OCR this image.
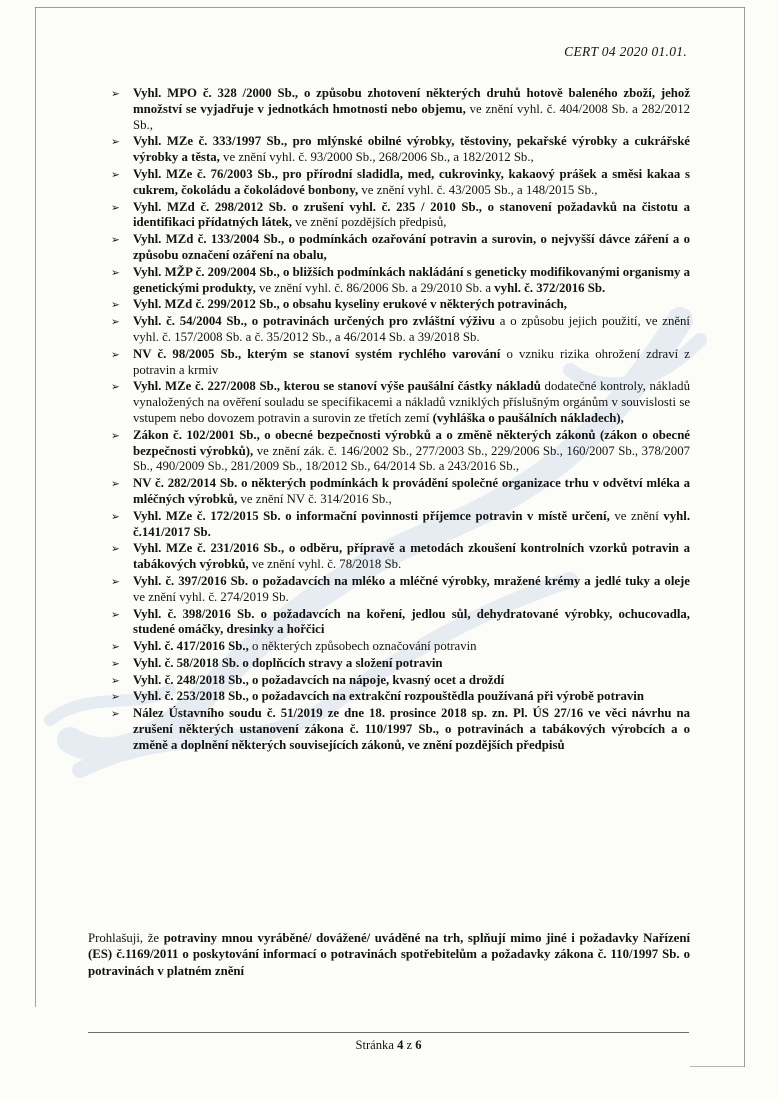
CERT 04 2020 01.01.
➢ Vyhl. MPO č. 328 /2000 Sb., o způsobu zhotovení některých druhů hotově baleného zboží, jehož množství se vyjadřuje v jednotkách hmotnosti nebo objemu, ve znění vyhl. č. 404/2008 Sb. a 282/2012 Sb.,
➢ Vyhl. MZe č. 333/1997 Sb., pro mlýnské obilné výrobky, těstoviny, pekařské výrobky a cukrářské výrobky a těsta, ve znění vyhl. č. 93/2000 Sb., 268/2006 Sb., a 182/2012 Sb.,
➢ Vyhl. MZe č. 76/2003 Sb., pro přírodní sladidla, med, cukrovinky, kakaový prášek a směsi kakaa s cukrem, čokoládu a čokoládové bonbony, ve znění vyhl. č. 43/2005 Sb., a 148/2015 Sb.,
➢ Vyhl. MZd č. 298/2012 Sb. o zrušení vyhl. č. 235 / 2010 Sb., o stanovení požadavků na čistotu a identifikaci přídatných látek, ve znění pozdějších předpisů,
➢ Vyhl. MZd č. 133/2004 Sb., o podmínkách ozařování potravin a surovin, o nejvyšší dávce záření a o způsobu označení ozáření na obalu,
➢ Vyhl. MŽP č. 209/2004 Sb., o bližších podmínkách nakládání s geneticky modifikovanými organismy a genetickými produkty, ve znění vyhl. č. 86/2006 Sb. a 29/2010 Sb. a vyhl. č. 372/2016 Sb.
➢ Vyhl. MZd č. 299/2012 Sb., o obsahu kyseliny erukové v některých potravinách,
➢ Vyhl. č. 54/2004 Sb., o potravinách určených pro zvláštní výživu a o způsobu jejich použití, ve znění vyhl. č. 157/2008 Sb. a č. 35/2012 Sb., a 46/2014 Sb. a 39/2018 Sb.
➢ NV č. 98/2005 Sb., kterým se stanoví systém rychlého varování o vzniku rizika ohrožení zdraví z potravin a krmiv
➢ Vyhl. MZe č. 227/2008 Sb., kterou se stanoví výše paušální částky nákladů dodatečné kontroly, nákladů vynaložených na ověření souladu se specifikacemi a nákladů vzniklých příslušným orgánům v souvislosti se vstupem nebo dovozem potravin a surovin ze třetích zemí (vyhláška o paušálních nákladech),
➢ Zákon č. 102/2001 Sb., o obecné bezpečnosti výrobků a o změně některých zákonů (zákon o obecné bezpečnosti výrobků), ve znění zák. č. 146/2002 Sb., 277/2003 Sb., 229/2006 Sb., 160/2007 Sb., 378/2007 Sb., 490/2009 Sb., 281/2009 Sb., 18/2012 Sb., 64/2014 Sb. a 243/2016 Sb.,
➢ NV č. 282/2014 Sb. o některých podmínkách k provádění společné organizace trhu v odvětví mléka a mléčných výrobků, ve znění NV č. 314/2016 Sb.,
➢ Vyhl. MZe č. 172/2015 Sb. o informační povinnosti příjemce potravin v místě určení, ve znění vyhl. č.141/2017 Sb.
➢ Vyhl. MZe č. 231/2016 Sb., o odběru, přípravě a metodách zkoušení kontrolních vzorků potravin a tabákových výrobků, ve znění vyhl. č. 78/2018 Sb.
➢ Vyhl. č. 397/2016 Sb. o požadavcích na mléko a mléčné výrobky, mražené krémy a jedlé tuky a oleje ve znění vyhl. č. 274/2019 Sb.
➢ Vyhl. č. 398/2016 Sb. o požadavcích na koření, jedlou sůl, dehydratované výrobky, ochucovadla, studené omáčky, dresinky a hořčici
➢ Vyhl. č. 417/2016 Sb., o některých způsobech označování potravin
➢ Vyhl. č. 58/2018 Sb. o doplňcích stravy a složení potravin
➢ Vyhl. č. 248/2018 Sb., o požadavcích na nápoje, kvasný ocet a droždí
➢ Vyhl. č. 253/2018 Sb., o požadavcích na extrakční rozpouštědla používaná při výrobě potravin
➢ Nález Ústavního soudu č. 51/2019 ze dne 18. prosince 2018 sp. zn. Pl. ÚS 27/16 ve věci návrhu na zrušení některých ustanovení zákona č. 110/1997 Sb., o potravinách a tabákových výrobcích a o změně a doplnění některých souvisejících zákonů, ve znění pozdějších předpisů

Prohlašuji, že potraviny mnou vyráběné/ dovážené/ uváděné na trh, splňují mimo jiné i požadavky Nařízení (ES) č.1169/2011 o poskytování informací o potravinách spotřebitelům a požadavky zákona č. 110/1997 Sb. o potravinách v platném znění

Stránka 4 z 6
